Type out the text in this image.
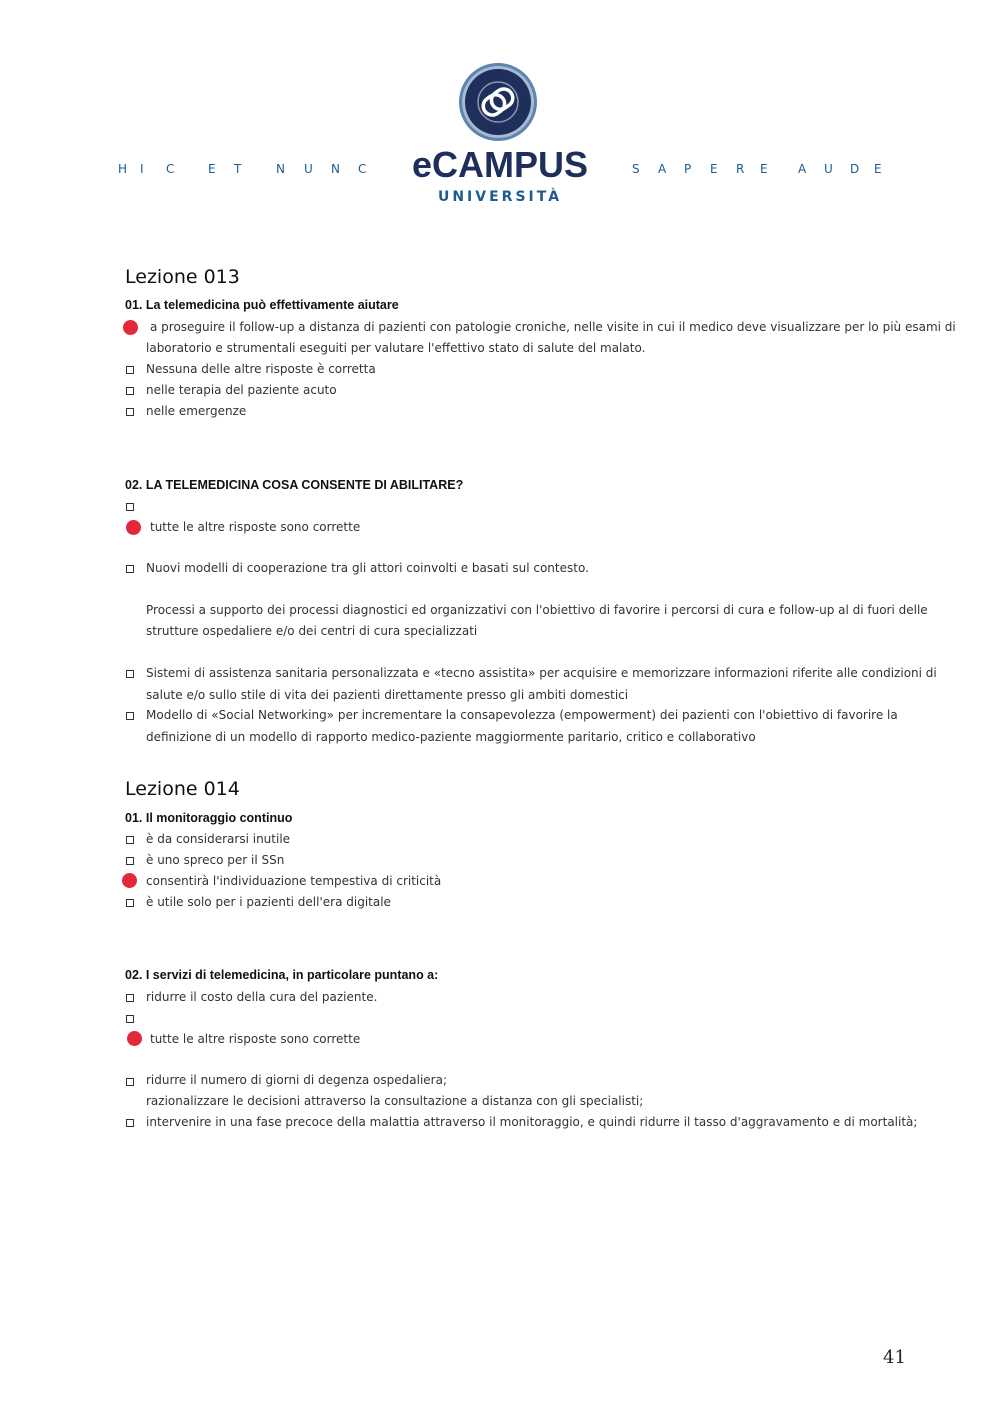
H I C	E T	N U N C	S A P E R E	A U D E
eCAMPUS
UNIVERSITÀ
Lezione 013
01. La telemedicina può effettivamente aiutare
a proseguire il follow-up a distanza di pazienti con patologie croniche, nelle visite in cui il medico deve visualizzare per lo più esami di
laboratorio e strumentali eseguiti per valutare l'effettivo stato di salute del malato.
Nessuna delle altre risposte è corretta
nelle terapia del paziente acuto
nelle emergenze
02. LA TELEMEDICINA COSA CONSENTE DI ABILITARE?
tutte le altre risposte sono corrette
Nuovi modelli di cooperazione tra gli attori coinvolti e basati sul contesto.
Processi a supporto dei processi diagnostici ed organizzativi con l'obiettivo di favorire i percorsi di cura e follow-up al di fuori delle
strutture ospedaliere e/o dei centri di cura specializzati
Sistemi di assistenza sanitaria personalizzata e «tecno assistita» per acquisire e memorizzare informazioni riferite alle condizioni di
salute e/o sullo stile di vita dei pazienti direttamente presso gli ambiti domestici
Modello di «Social Networking» per incrementare la consapevolezza (empowerment) dei pazienti con l'obiettivo di favorire la
definizione di un modello di rapporto medico-paziente maggiormente paritario, critico e collaborativo
Lezione 014
01. Il monitoraggio continuo
è da considerarsi inutile
è uno spreco per il SSn
consentirà l'individuazione tempestiva di criticità
è utile solo per i pazienti dell'era digitale
02. I servizi di telemedicina, in particolare puntano a:
ridurre il costo della cura del paziente.
tutte le altre risposte sono corrette
ridurre il numero di giorni di degenza ospedaliera;
razionalizzare le decisioni attraverso la consultazione a distanza con gli specialisti;
intervenire in una fase precoce della malattia attraverso il monitoraggio, e quindi ridurre il tasso d'aggravamento e di mortalità;
41
